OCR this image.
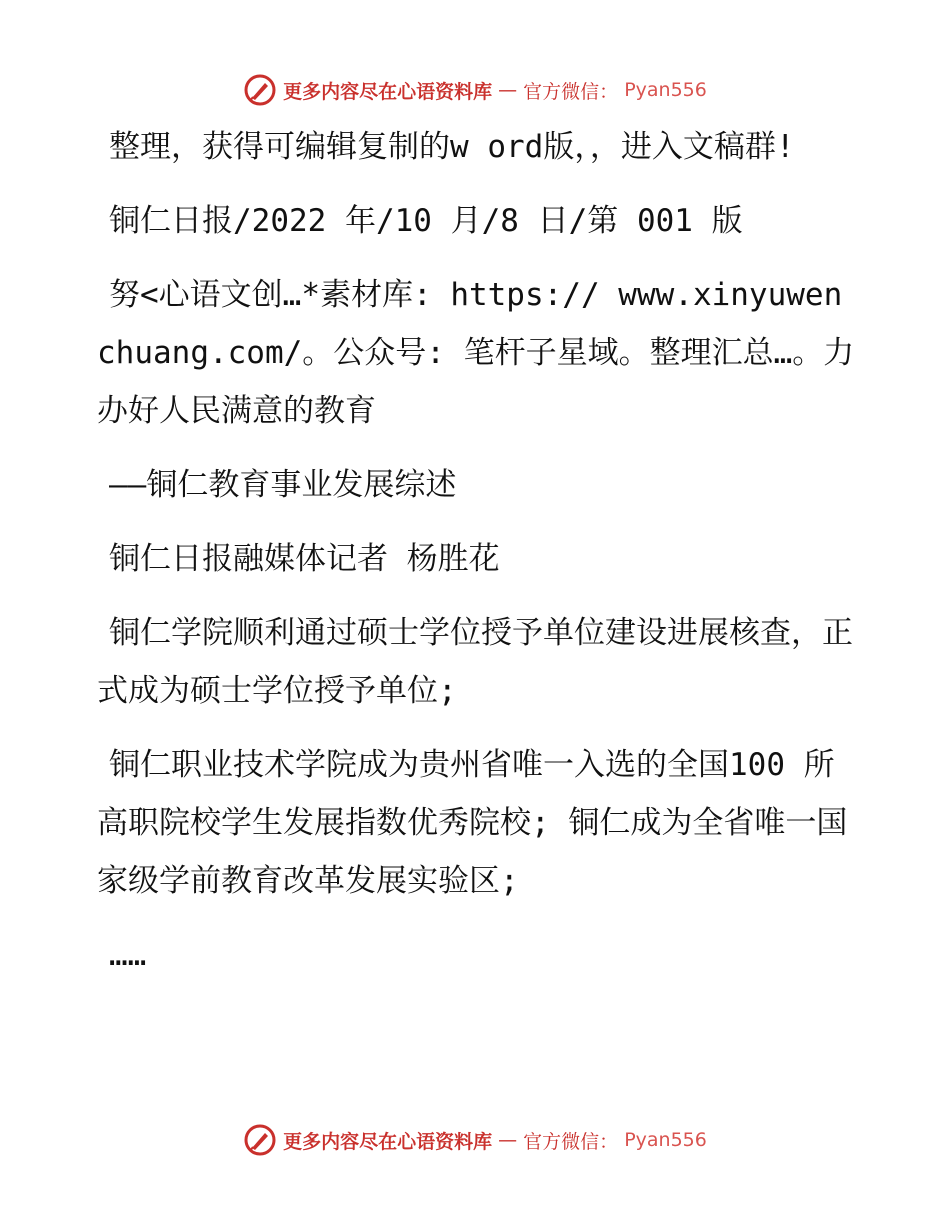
更多内容尽在心语资料库 — 官方微信： Pyan556

整理，获得可编辑复制的w ord版，，进入文稿群!

铜仁日报/2022 年/10 月/8 日/第 001 版

努<心语文创…*素材库: https:// www.xinyuwenchuang.com/。公众号: 笔杆子星域。整理汇总…。力办好人民满意的教育

——铜仁教育事业发展综述

铜仁日报融媒体记者 杨胜花

铜仁学院顺利通过硕士学位授予单位建设进展核查，正式成为硕士学位授予单位;

铜仁职业技术学院成为贵州省唯一入选的全国100 所高职院校学生发展指数优秀院校; 铜仁成为全省唯一国家级学前教育改革发展实验区;

……

更多内容尽在心语资料库 — 官方微信： Pyan556
